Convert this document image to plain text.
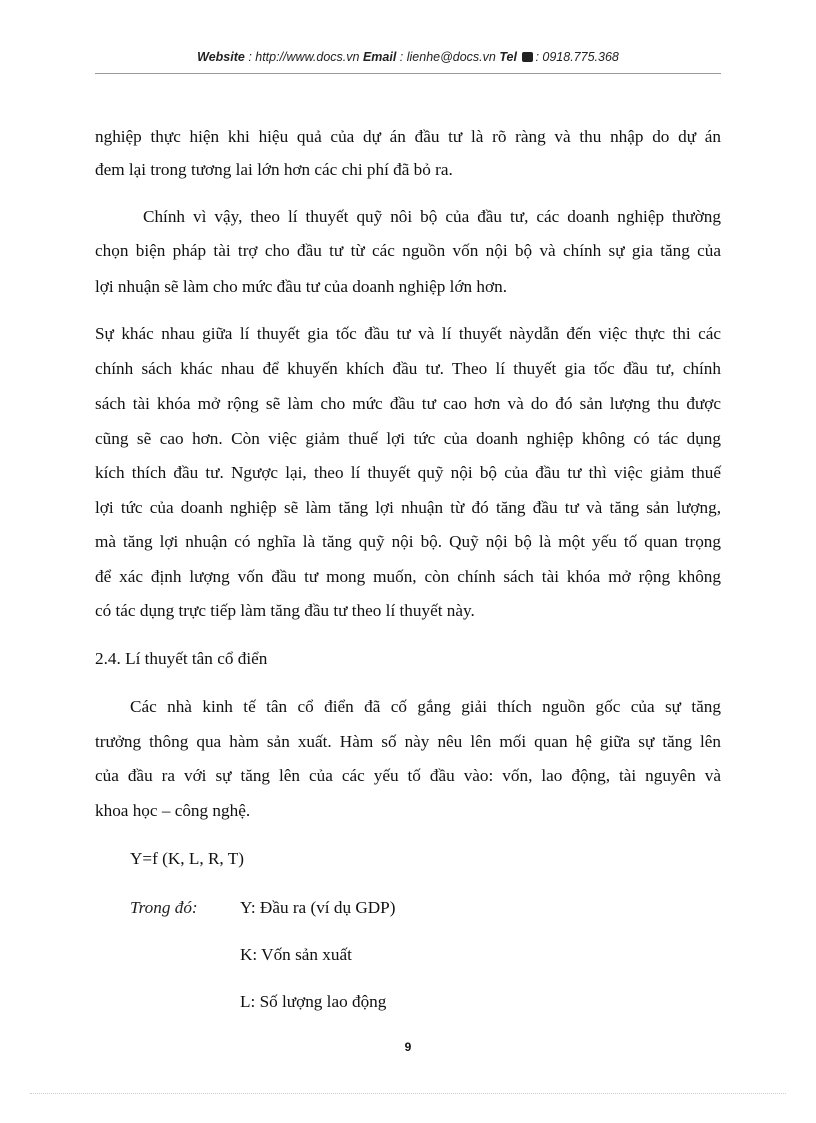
Website : http://www.docs.vn Email : lienhe@docs.vn Tel : 0918.775.368
nghiệp thực hiện khi hiệu quả của dự án đầu tư là rõ ràng và thu nhập do dự án
đem lại trong tương lai lớn hơn các chi phí đã bỏ ra.
Chính vì vậy, theo lí thuyết quỹ nôi bộ của đầu tư, các doanh nghiệp thường
chọn biện pháp tài trợ cho đầu tư từ các nguồn vốn nội bộ và chính sự gia tăng của
lợi nhuận sẽ làm cho mức đầu tư của doanh nghiệp lớn hơn.
Sự khác nhau giữa lí thuyết gia tốc đầu tư và lí thuyết nàydẫn đến việc thực thi các
chính sách khác nhau để khuyến khích đầu tư. Theo lí thuyết gia tốc đầu tư, chính
sách tài khóa mở rộng sẽ làm cho mức đầu tư cao hơn và do đó sản lượng thu được
cũng sẽ cao hơn. Còn việc giảm thuế lợi tức của doanh nghiệp không có tác dụng
kích thích đầu tư. Ngược lại, theo lí thuyết quỹ nội bộ của đầu tư thì việc giảm thuế
lợi tức của doanh nghiệp sẽ làm tăng lợi nhuận từ đó tăng đầu tư và tăng sản lượng,
mà tăng lợi nhuận có nghĩa là tăng quỹ nội bộ. Quỹ nội bộ là một yếu tố quan trọng
để xác định lượng vốn đầu tư mong muốn, còn chính sách tài khóa mở rộng không
có tác dụng trực tiếp làm tăng đầu tư theo lí thuyết này.
2.4. Lí thuyết tân cổ điển
Các nhà kinh tế tân cổ điển đã cố gắng giải thích nguồn gốc của sự tăng
trưởng thông qua hàm sản xuất. Hàm số này nêu lên mối quan hệ giữa sự tăng lên
của đầu ra với sự tăng lên của các yếu tố đầu vào: vốn, lao động, tài nguyên và
khoa học – công nghệ.
Y=f (K, L, R, T)
Trong đó:	Y: Đầu ra (ví dụ GDP)
K: Vốn sản xuất
L: Số lượng lao động
9
